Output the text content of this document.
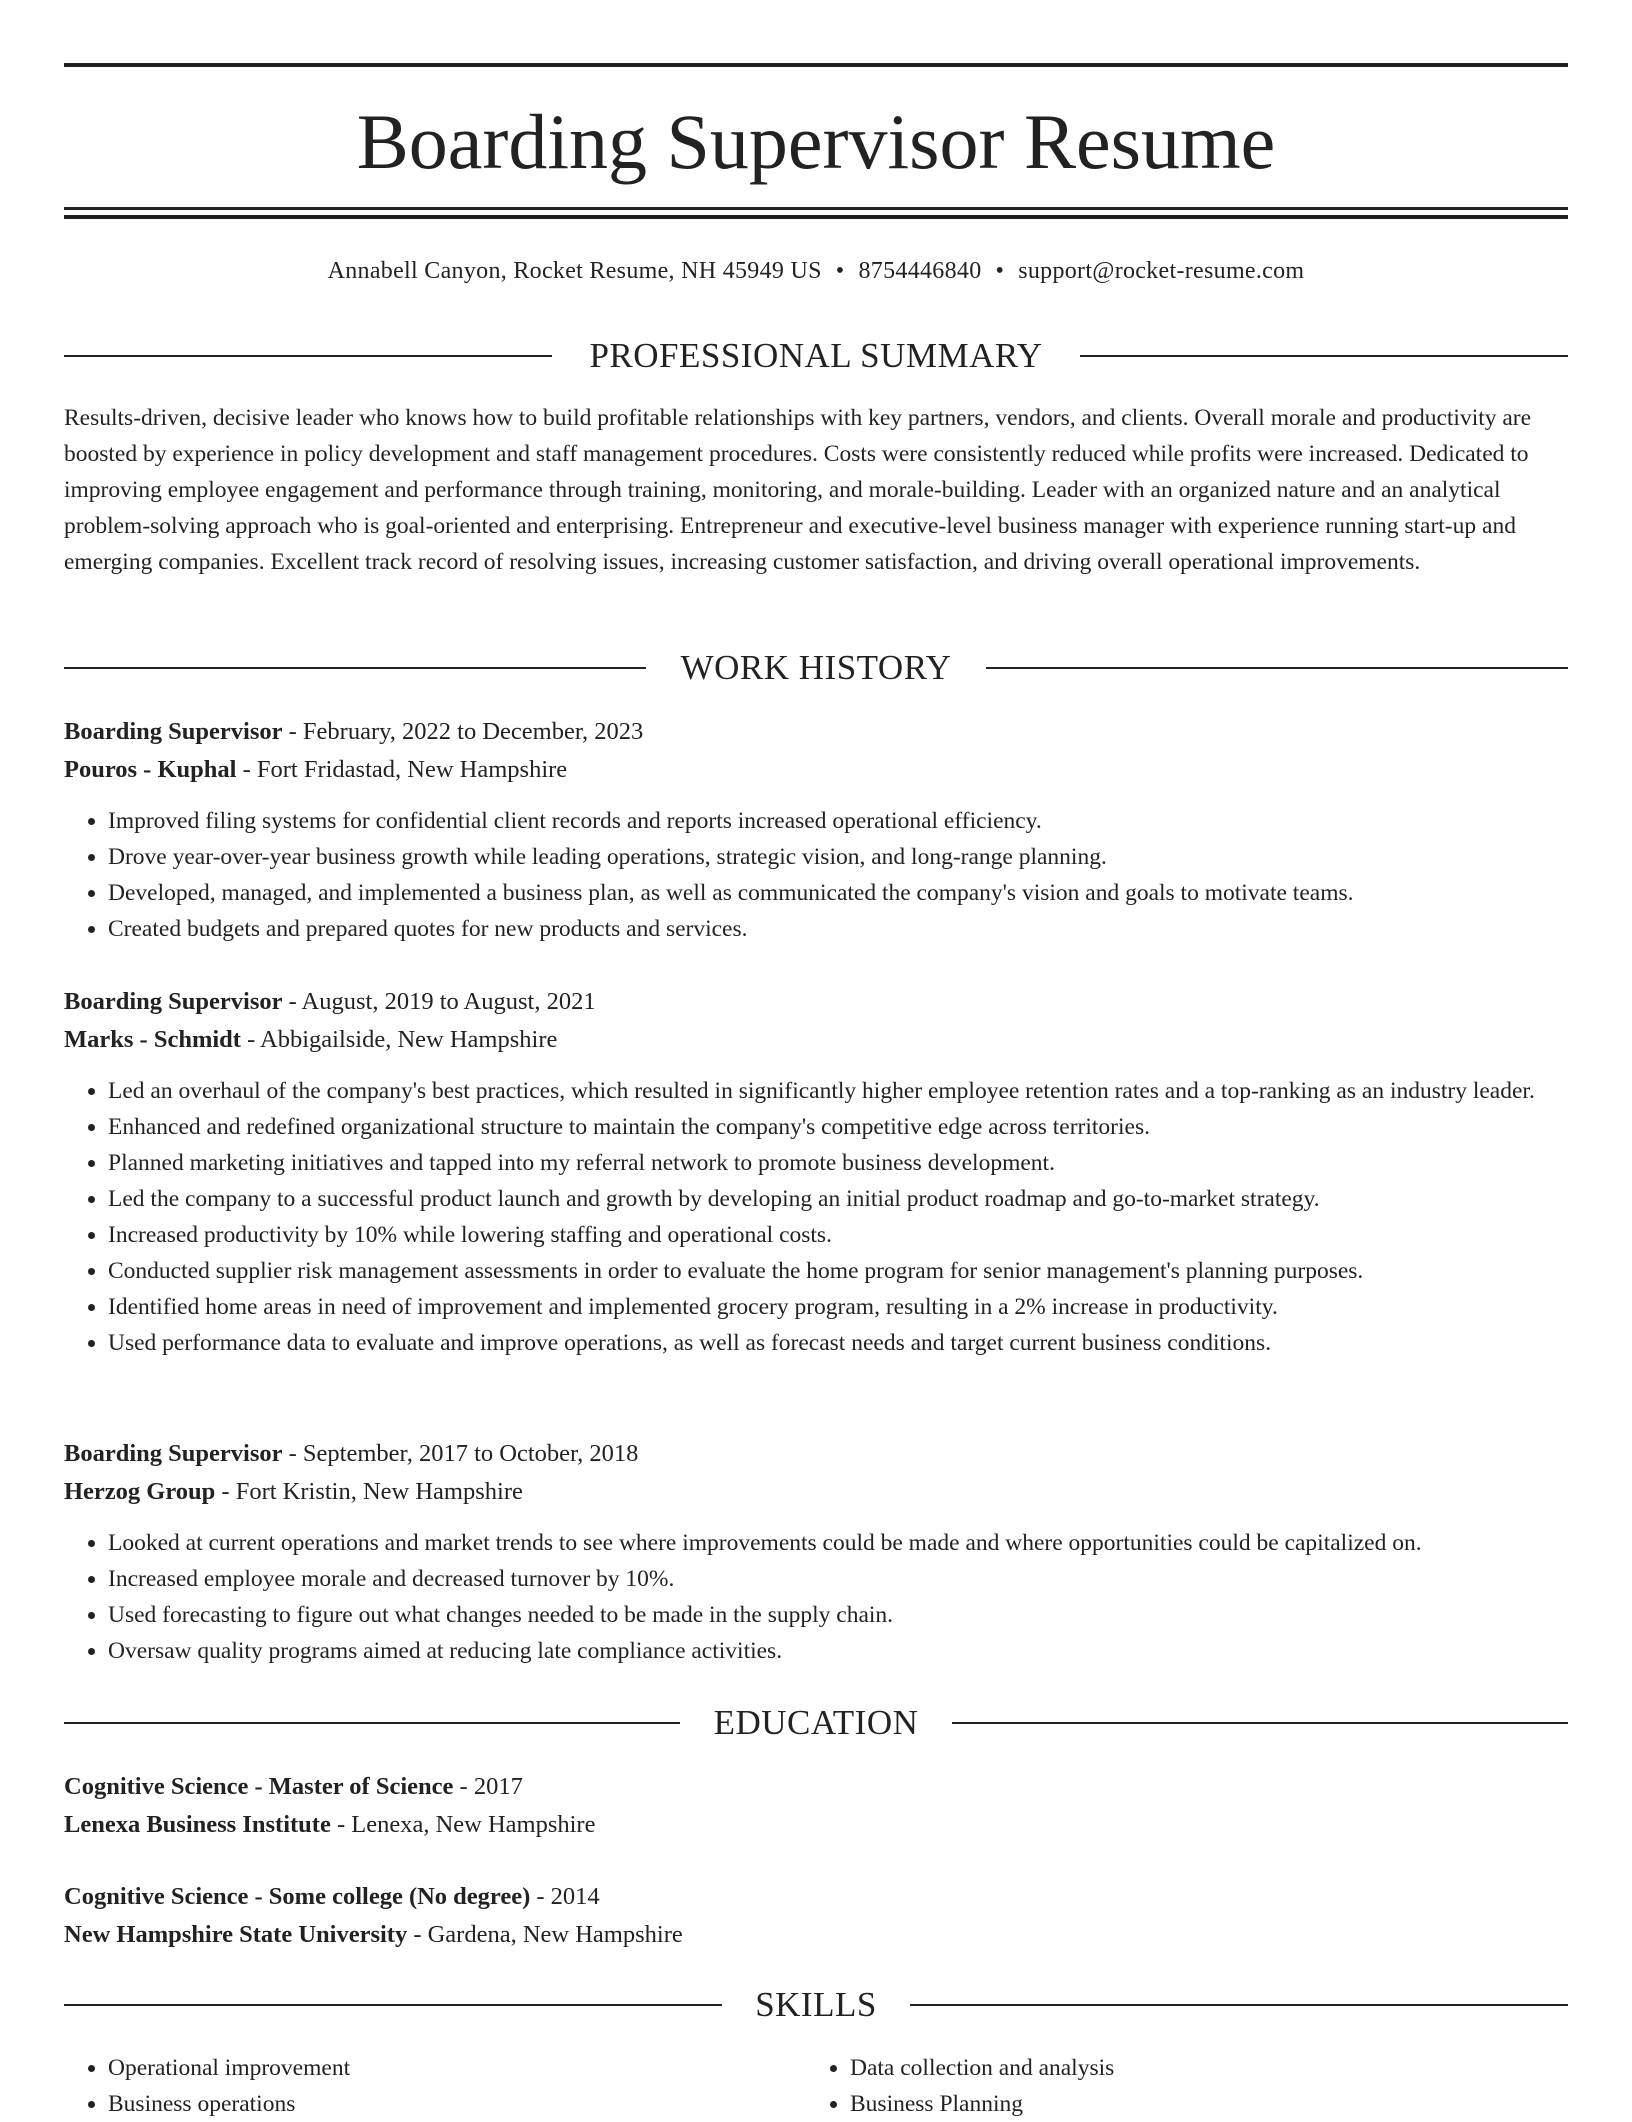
Boarding Supervisor Resume
Annabell Canyon, Rocket Resume, NH 45949 US • 8754446840 • support@rocket-resume.com
PROFESSIONAL SUMMARY

Results-driven, decisive leader who knows how to build profitable relationships with key partners, vendors, and clients. Overall morale and productivity are boosted by experience in policy development and staff management procedures. Costs were consistently reduced while profits were increased. Dedicated to improving employee engagement and performance through training, monitoring, and morale-building. Leader with an organized nature and an analytical problem-solving approach who is goal-oriented and enterprising. Entrepreneur and executive-level business manager with experience running start-up and emerging companies. Excellent track record of resolving issues, increasing customer satisfaction, and driving overall operational improvements.

WORK HISTORY

Boarding Supervisor - February, 2022 to December, 2023

Pouros - Kuphal - Fort Fridastad, New Hampshire

• Improved filing systems for confidential client records and reports increased operational efficiency.
• Drove year-over-year business growth while leading operations, strategic vision, and long-range planning.
• Developed, managed, and implemented a business plan, as well as communicated the company's vision and goals to motivate teams.
• Created budgets and prepared quotes for new products and services.

Boarding Supervisor - August, 2019 to August, 2021

Marks - Schmidt - Abbigailside, New Hampshire

• Led an overhaul of the company's best practices, which resulted in significantly higher employee retention rates and a top-ranking as an industry leader.
• Enhanced and redefined organizational structure to maintain the company's competitive edge across territories.
• Planned marketing initiatives and tapped into my referral network to promote business development.
• Led the company to a successful product launch and growth by developing an initial product roadmap and go-to-market strategy.
• Increased productivity by 10% while lowering staffing and operational costs.
• Conducted supplier risk management assessments in order to evaluate the home program for senior management's planning purposes.
• Identified home areas in need of improvement and implemented grocery program, resulting in a 2% increase in productivity.
• Used performance data to evaluate and improve operations, as well as forecast needs and target current business conditions.

Boarding Supervisor - September, 2017 to October, 2018

Herzog Group - Fort Kristin, New Hampshire

• Looked at current operations and market trends to see where improvements could be made and where opportunities could be capitalized on.
• Increased employee morale and decreased turnover by 10%.
• Used forecasting to figure out what changes needed to be made in the supply chain.
• Oversaw quality programs aimed at reducing late compliance activities.
EDUCATION

Cognitive Science - Master of Science - 2017

Lenexa Business Institute - Lenexa, New Hampshire

Cognitive Science - Some college (No degree) - 2014

New Hampshire State University - Gardena, New Hampshire

SKILLS
• Operational improvement
• Business operations
• Data collection and analysis
• Business Planning
